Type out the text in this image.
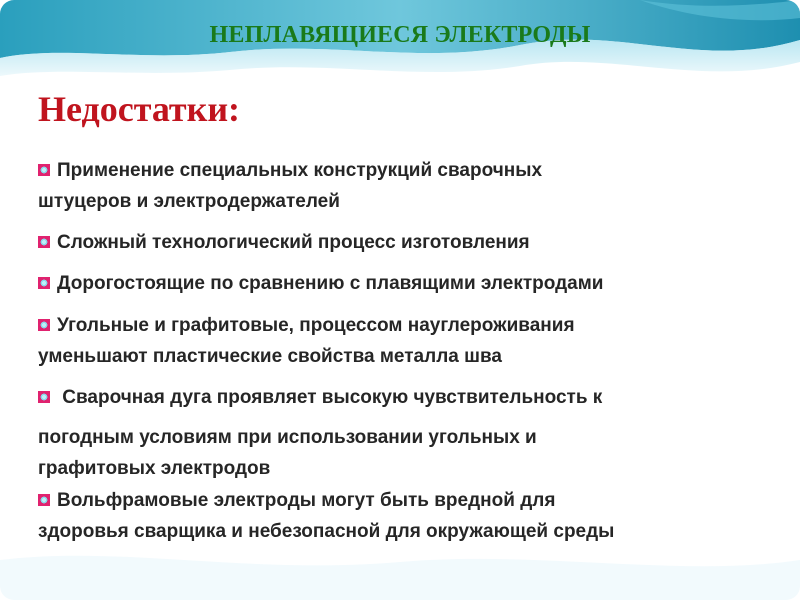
НЕПЛАВЯЩИЕСЯ ЭЛЕКТРОДЫ
Недостатки:
Применение специальных конструкций сварочных
штуцеров и электродержателей
Сложный технологический процесс изготовления
Дорогостоящие по сравнению с плавящими электродами
Угольные и графитовые, процессом науглероживания
уменьшают пластические свойства металла шва
Сварочная дуга проявляет высокую чувствительность к
погодным условиям при использовании угольных и
графитовых электродов
Вольфрамовые электроды могут быть вредной для
здоровья сварщика и небезопасной для окружающей среды
